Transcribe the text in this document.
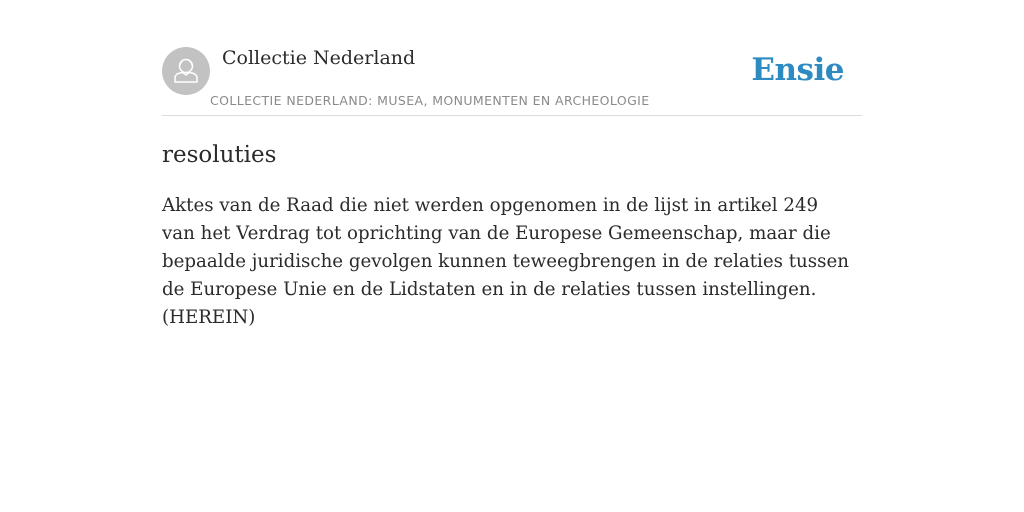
Collectie Nederland
COLLECTIE NEDERLAND: MUSEA, MONUMENTEN EN ARCHEOLOGIE
Ensie
resoluties

Aktes van de Raad die niet werden opgenomen in de lijst in artikel 249 van het Verdrag tot oprichting van de Europese Gemeenschap, maar die bepaalde juridische gevolgen kunnen teweegbrengen in de relaties tussen de Europese Unie en de Lidstaten en in de relaties tussen instellingen. (HEREIN)
